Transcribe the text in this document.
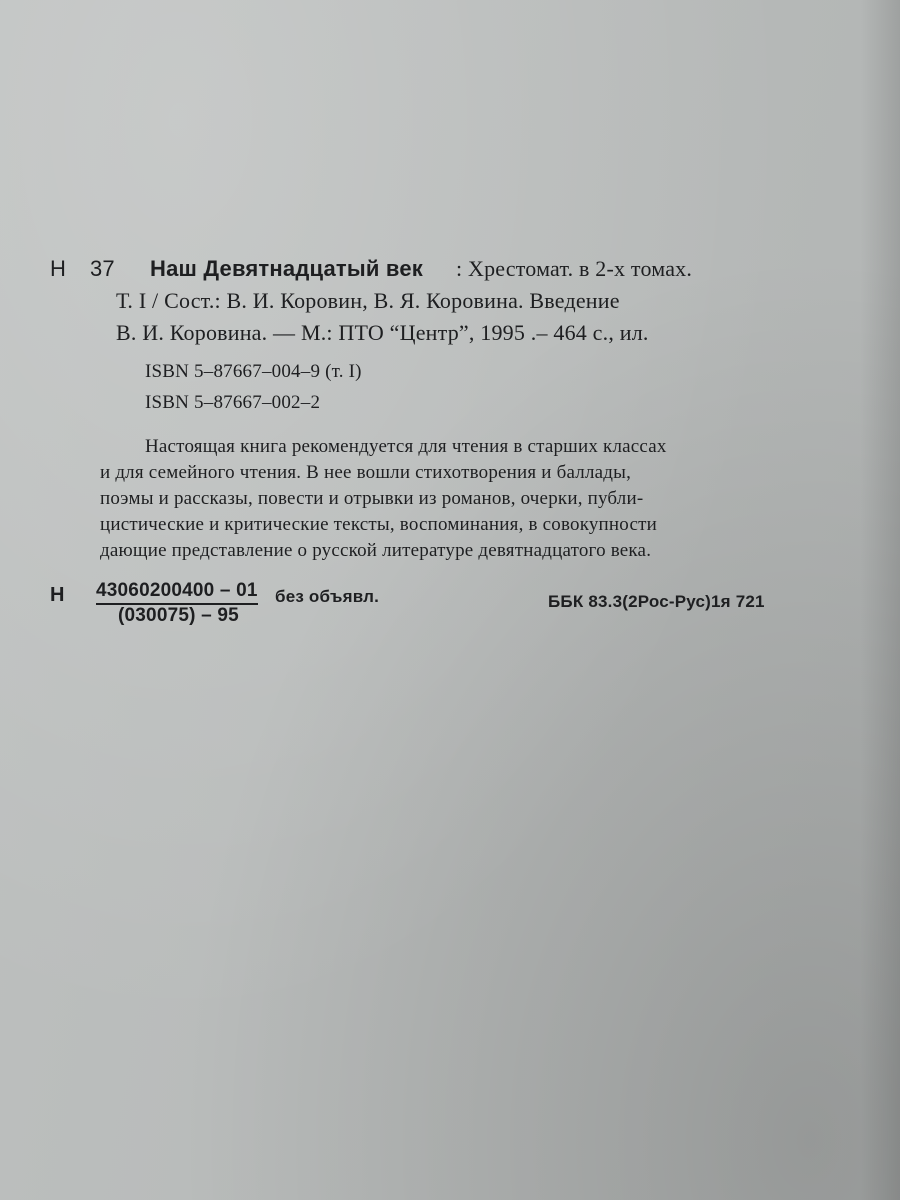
Н 37 Наш Девятнадцатый век : Хрестомат. в 2-х томах.
Т. I / Сост.: В. И. Коровин, В. Я. Коровина. Введение
В. И. Коровина. — М.: ПТО “Центр”, 1995 .– 464 с., ил.
ISBN 5–87667–004–9 (т. I)
ISBN 5–87667–002–2
Настоящая книга рекомендуется для чтения в старших классах
и для семейного чтения. В нее вошли стихотворения и баллады,
поэмы и рассказы, повести и отрывки из романов, очерки, публи-
цистические и критические тексты, воспоминания, в совокупности
дающие представление о русской литературе девятнадцатого века.
Н 43060200400 – 01
(030075) – 95
без объявл.	ББК 83.3(2Рос-Рус)1я 721
